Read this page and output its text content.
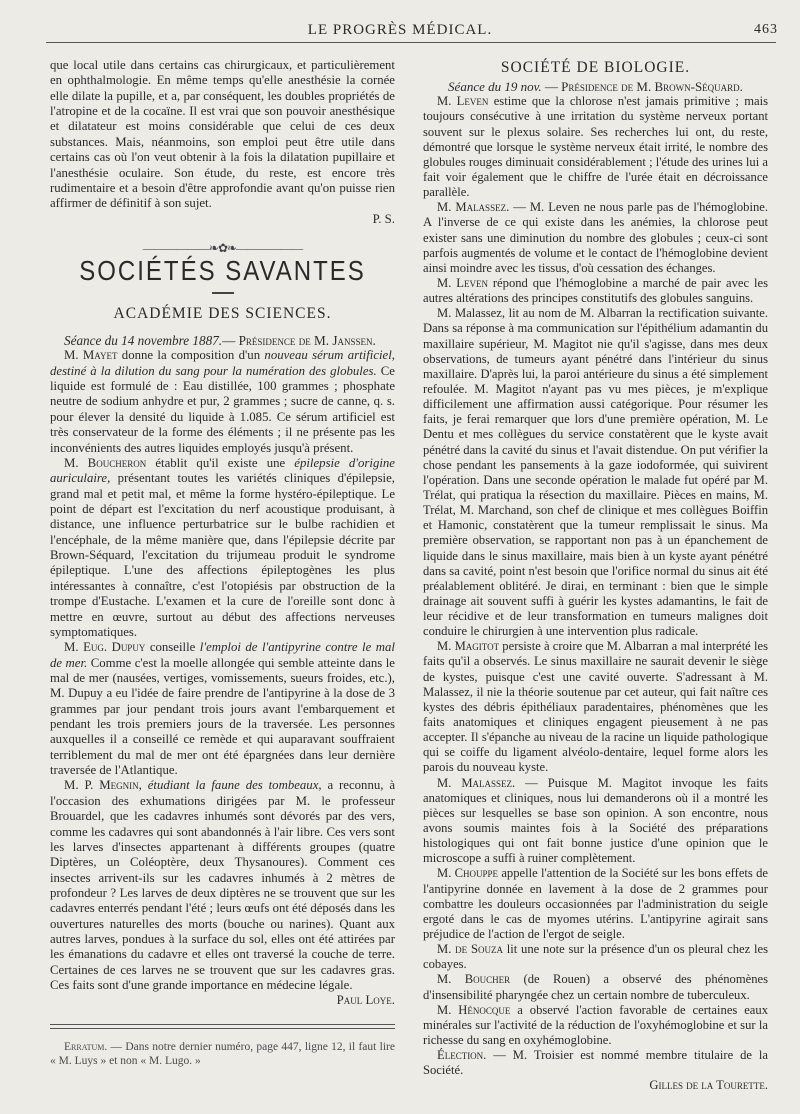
LE PROGRÈS MÉDICAL.	463

que local utile dans certains cas chirurgicaux, et particulièrement en ophthalmologie. En même temps qu'elle anesthésie la cornée elle dilate la pupille, et a, par conséquent, les doubles propriétés de l'atropine et de la cocaïne. Il est vrai que son pouvoir anesthésique et dilatateur est moins considérable que celui de ces deux substances. Mais, néanmoins, son emploi peut être utile dans certains cas où l'on veut obtenir à la fois la dilatation pupillaire et l'anesthésie oculaire. Son étude, du reste, est encore très rudimentaire et a besoin d'être approfondie avant qu'on puisse rien affirmer de définitif à son sujet.

P. S.
——————❧✿❧——————
SOCIÉTÉS SAVANTES
ACADÉMIE DES SCIENCES.

Séance du 14 novembre 1887.— Présidence de M. Janssen.

M. Mayet donne la composition d'un nouveau sérum artificiel, destiné à la dilution du sang pour la numération des globules. Ce liquide est formulé de : Eau distillée, 100 grammes ; phosphate neutre de sodium anhydre et pur, 2 grammes ; sucre de canne, q. s. pour élever la densité du liquide à 1.085. Ce sérum artificiel est très conservateur de la forme des éléments ; il ne présente pas les inconvénients des autres liquides employés jusqu'à présent.

M. Boucheron établit qu'il existe une épilepsie d'origine auriculaire, présentant toutes les variétés cliniques d'épilepsie, grand mal et petit mal, et même la forme hystéro-épileptique. Le point de départ est l'excitation du nerf acoustique produisant, à distance, une influence perturbatrice sur le bulbe rachidien et l'encéphale, de la même manière que, dans l'épilepsie décrite par Brown-Séquard, l'excitation du trijumeau produit le syndrome épileptique. L'une des affections épileptogènes les plus intéressantes à connaître, c'est l'otopiésis par obstruction de la trompe d'Eustache. L'examen et la cure de l'oreille sont donc à mettre en œuvre, surtout au début des affections nerveuses symptomatiques.

M. Eug. Dupuy conseille l'emploi de l'antipyrine contre le mal de mer. Comme c'est la moelle allongée qui semble atteinte dans le mal de mer (nausées, vertiges, vomissements, sueurs froides, etc.), M. Dupuy a eu l'idée de faire prendre de l'antipyrine à la dose de 3 grammes par jour pendant trois jours avant l'embarquement et pendant les trois premiers jours de la traversée. Les personnes auxquelles il a conseillé ce remède et qui auparavant souffraient terriblement du mal de mer ont été épargnées dans leur dernière traversée de l'Atlantique.

M. P. Megnin, étudiant la faune des tombeaux, a reconnu, à l'occasion des exhumations dirigées par M. le professeur Brouardel, que les cadavres inhumés sont dévorés par des vers, comme les cadavres qui sont abandonnés à l'air libre. Ces vers sont les larves d'insectes appartenant à différents groupes (quatre Diptères, un Coléoptère, deux Thysanoures). Comment ces insectes arrivent-ils sur les cadavres inhumés à 2 mètres de profondeur ? Les larves de deux diptères ne se trouvent que sur les cadavres enterrés pendant l'été ; leurs œufs ont été déposés dans les ouvertures naturelles des morts (bouche ou narines). Quant aux autres larves, pondues à la surface du sol, elles ont été attirées par les émanations du cadavre et elles ont traversé la couche de terre. Certaines de ces larves ne se trouvent que sur les cadavres gras. Ces faits sont d'une grande importance en médecine légale.

Paul Loye.
Erratum. — Dans notre dernier numéro, page 447, ligne 12, il faut lire « M. Luys » et non « M. Lugo. »
SOCIÉTÉ DE BIOLOGIE.

Séance du 19 nov. — Présidence de M. Brown-Séquard.

M. Leven estime que la chlorose n'est jamais primitive ; mais toujours consécutive à une irritation du système nerveux portant souvent sur le plexus solaire. Ses recherches lui ont, du reste, démontré que lorsque le système nerveux était irrité, le nombre des globules rouges diminuait considérablement ; l'étude des urines lui a fait voir également que le chiffre de l'urée était en décroissance parallèle.

M. Malassez. — M. Leven ne nous parle pas de l'hémoglobine. A l'inverse de ce qui existe dans les anémies, la chlorose peut exister sans une diminution du nombre des globules ; ceux-ci sont parfois augmentés de volume et le contact de l'hémoglobine devient ainsi moindre avec les tissus, d'où cessation des échanges.

M. Leven répond que l'hémoglobine a marché de pair avec les autres altérations des principes constitutifs des globules sanguins.

M. Malassez, lit au nom de M. Albarran la rectification suivante. Dans sa réponse à ma communication sur l'épithélium adamantin du maxillaire supérieur, M. Magitot nie qu'il s'agisse, dans mes deux observations, de tumeurs ayant pénétré dans l'intérieur du sinus maxillaire. D'après lui, la paroi antérieure du sinus a été simplement refoulée. M. Magitot n'ayant pas vu mes pièces, je m'explique difficilement une affirmation aussi catégorique. Pour résumer les faits, je ferai remarquer que lors d'une première opération, M. Le Dentu et mes collègues du service constatèrent que le kyste avait pénétré dans la cavité du sinus et l'avait distendue. On put vérifier la chose pendant les pansements à la gaze iodoformée, qui suivirent l'opération. Dans une seconde opération le malade fut opéré par M. Trélat, qui pratiqua la résection du maxillaire. Pièces en mains, M. Trélat, M. Marchand, son chef de clinique et mes collègues Boiffin et Hamonic, constatèrent que la tumeur remplissait le sinus. Ma première observation, se rapportant non pas à un épanchement de liquide dans le sinus maxillaire, mais bien à un kyste ayant pénétré dans sa cavité, point n'est besoin que l'orifice normal du sinus ait été préalablement oblitéré. Je dirai, en terminant : bien que le simple drainage ait souvent suffi à guérir les kystes adamantins, le fait de leur récidive et de leur transformation en tumeurs malignes doit conduire le chirurgien à une intervention plus radicale.

M. Magitot persiste à croire que M. Albarran a mal interprété les faits qu'il a observés. Le sinus maxillaire ne saurait devenir le siège de kystes, puisque c'est une cavité ouverte. S'adressant à M. Malassez, il nie la théorie soutenue par cet auteur, qui fait naître ces kystes des débris épithéliaux paradentaires, phénomènes que les faits anatomiques et cliniques engagent pieusement à ne pas accepter. Il s'épanche au niveau de la racine un liquide pathologique qui se coiffe du ligament alvéolo-dentaire, lequel forme alors les parois du nouveau kyste.

M. Malassez. — Puisque M. Magitot invoque les faits anatomiques et cliniques, nous lui demanderons où il a montré les pièces sur lesquelles se base son opinion. A son encontre, nous avons soumis maintes fois à la Société des préparations histologiques qui ont fait bonne justice d'une opinion que le microscope a suffi à ruiner complètement.

M. Chouppe appelle l'attention de la Société sur les bons effets de l'antipyrine donnée en lavement à la dose de 2 grammes pour combattre les douleurs occasionnées par l'administration du seigle ergoté dans le cas de myomes utérins. L'antipyrine agirait sans préjudice de l'action de l'ergot de seigle.

M. de Souza lit une note sur la présence d'un os pleural chez les cobayes.

M. Boucher (de Rouen) a observé des phénomènes d'insensibilité pharyngée chez un certain nombre de tuberculeux.

M. Hénocque a observé l'action favorable de certaines eaux minérales sur l'activité de la réduction de l'oxyhémoglobine et sur la richesse du sang en oxyhémoglobine.

Élection. — M. Troisier est nommé membre titulaire de la Société.

Gilles de la Tourette.
